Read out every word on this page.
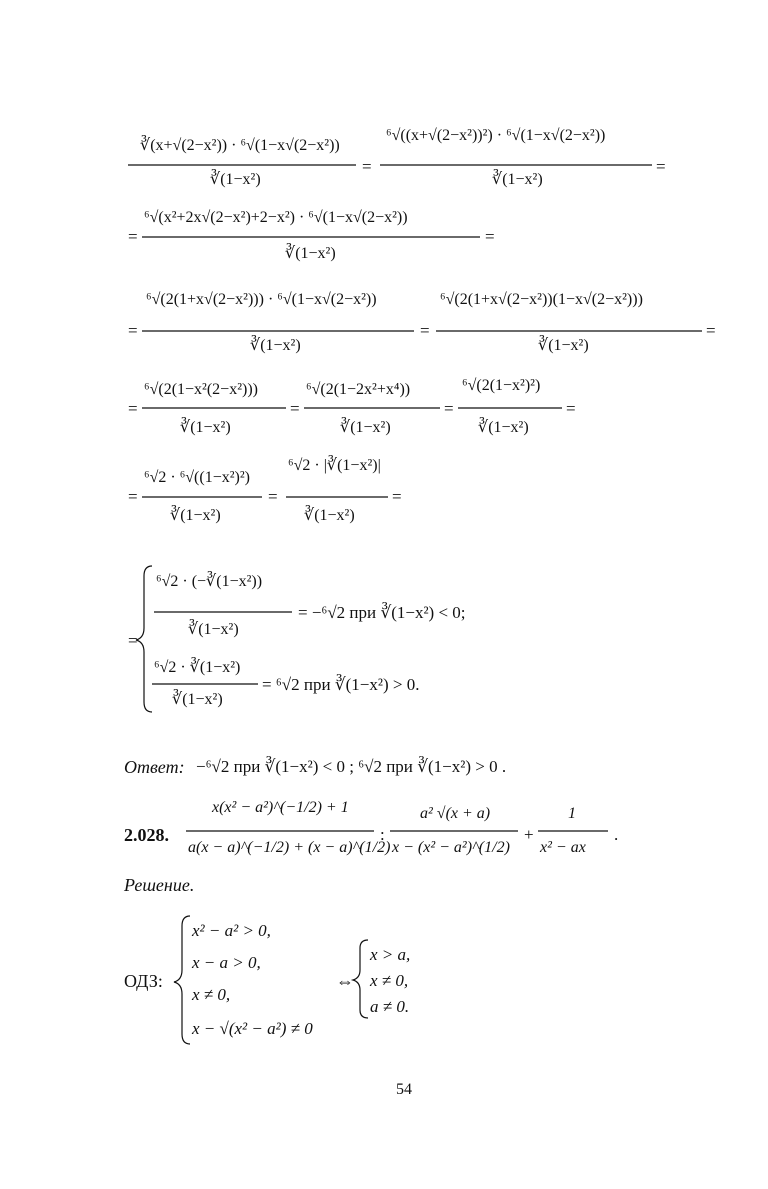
∛(x+√(2−x²)) · ⁶√(1−x√(2−x²))
∛(1−x²)
=
⁶√((x+√(2−x²))²) · ⁶√(1−x√(2−x²))
∛(1−x²)
=
=
⁶√(x²+2x√(2−x²)+2−x²) · ⁶√(1−x√(2−x²))
∛(1−x²)
=
=
⁶√(2(1+x√(2−x²))) · ⁶√(1−x√(2−x²))
∛(1−x²)
=
⁶√(2(1+x√(2−x²))(1−x√(2−x²)))
∛(1−x²)
=
=
⁶√(2(1−x²(2−x²)))
∛(1−x²)
=
⁶√(2(1−2x²+x⁴))
∛(1−x²)
=
⁶√(2(1−x²)²)
∛(1−x²)
=
=
⁶√2 · ⁶√((1−x²)²)
∛(1−x²)
=
⁶√2 · |∛(1−x²)|
∛(1−x²)
=
=
⁶√2 · (−∛(1−x²))
∛(1−x²)
= −⁶√2 при ∛(1−x²) < 0;
⁶√2 · ∛(1−x²)
∛(1−x²)
= ⁶√2 при ∛(1−x²) > 0.
Ответ: −⁶√2 при ∛(1−x²) < 0 ; ⁶√2 при ∛(1−x²) > 0 .
2.028.
x(x² − a²)^(−1/2) + 1
a(x − a)^(−1/2) + (x − a)^(1/2)
:
a² √(x + a)
x − (x² − a²)^(1/2)
+
1
x² − ax
.
Решение.
ОДЗ:
x² − a² > 0,
x − a > 0,
x ≠ 0,
x − √(x² − a²) ≠ 0
⇔
x > a,
x ≠ 0,
a ≠ 0.
54
